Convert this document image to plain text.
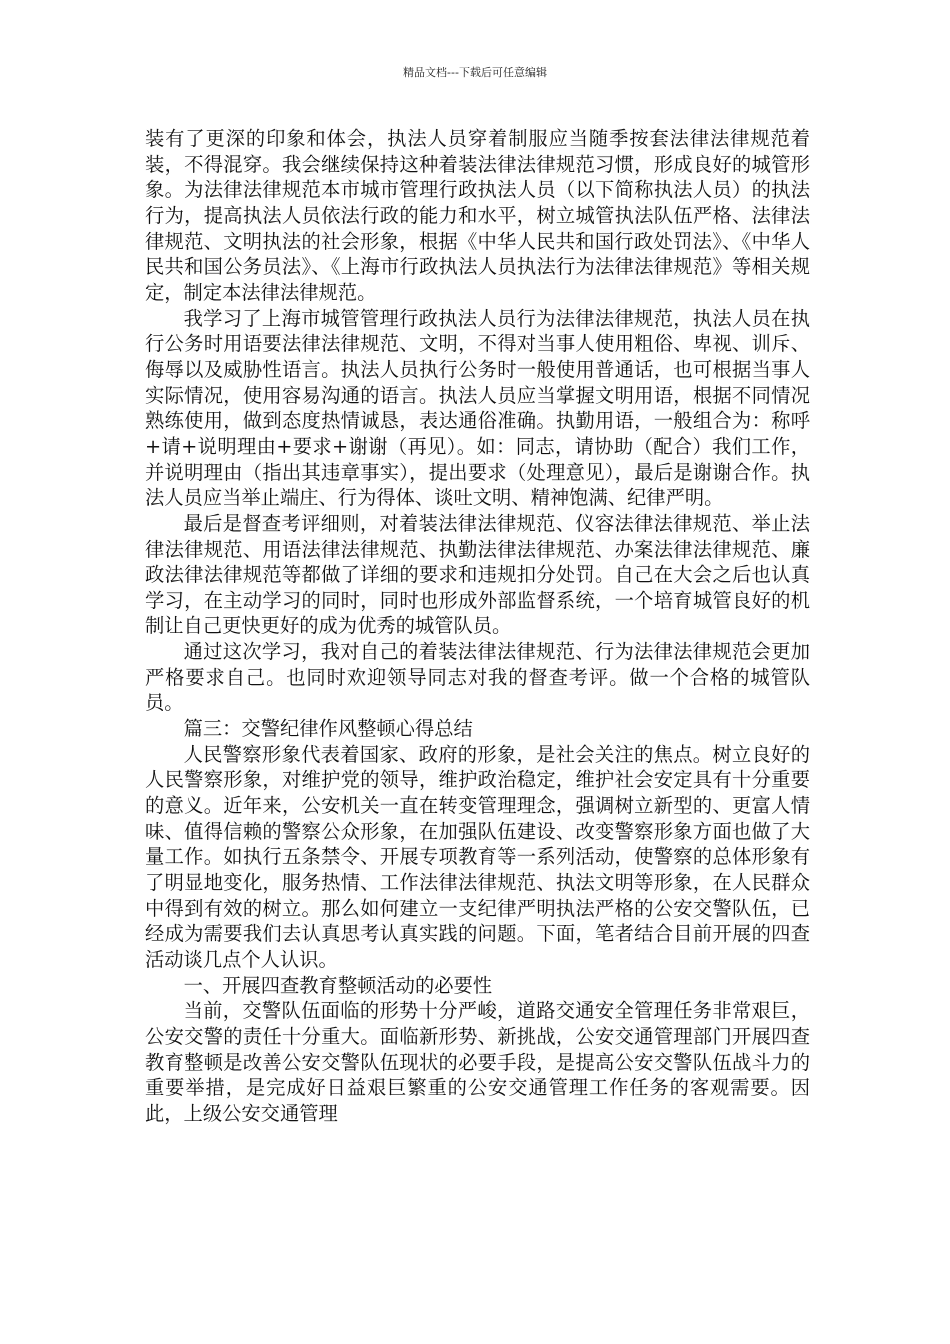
精品文档---下载后可任意编辑

装有了更深的印象和体会，执法人员穿着制服应当随季按套法律法律规范着装，不得混穿。我会继续保持这种着装法律法律规范习惯，形成良好的城管形象。为法律法律规范本市城市管理行政执法人员（以下简称执法人员）的执法行为，提高执法人员依法行政的能力和水平，树立城管执法队伍严格、法律法律规范、文明执法的社会形象，根据《中华人民共和国行政处罚法》、《中华人民共和国公务员法》、《上海市行政执法人员执法行为法律法律规范》等相关规定，制定本法律法律规范。

我学习了上海市城管管理行政执法人员行为法律法律规范，执法人员在执行公务时用语要法律法律规范、文明，不得对当事人使用粗俗、卑视、训斥、侮辱以及威胁性语言。执法人员执行公务时一般使用普通话，也可根据当事人实际情况，使用容易沟通的语言。执法人员应当掌握文明用语，根据不同情况熟练使用，做到态度热情诚恳，表达通俗准确。执勤用语，一般组合为：称呼+请+说明理由+要求+谢谢（再见）。如：同志，请协助（配合）我们工作，并说明理由（指出其违章事实），提出要求（处理意见），最后是谢谢合作。执法人员应当举止端庄、行为得体、谈吐文明、精神饱满、纪律严明。

最后是督查考评细则，对着装法律法律规范、仪容法律法律规范、举止法律法律规范、用语法律法律规范、执勤法律法律规范、办案法律法律规范、廉政法律法律规范等都做了详细的要求和违规扣分处罚。自己在大会之后也认真学习，在主动学习的同时，同时也形成外部监督系统，一个培育城管良好的机制让自己更快更好的成为优秀的城管队员。

通过这次学习，我对自己的着装法律法律规范、行为法律法律规范会更加严格要求自己。也同时欢迎领导同志对我的督查考评。做一个合格的城管队员。

篇三：交警纪律作风整顿心得总结

人民警察形象代表着国家、政府的形象，是社会关注的焦点。树立良好的人民警察形象，对维护党的领导，维护政治稳定，维护社会安定具有十分重要的意义。近年来，公安机关一直在转变管理理念，强调树立新型的、更富人情味、值得信赖的警察公众形象，在加强队伍建设、改变警察形象方面也做了大量工作。如执行五条禁令、开展专项教育等一系列活动，使警察的总体形象有了明显地变化，服务热情、工作法律法律规范、执法文明等形象，在人民群众中得到有效的树立。那么如何建立一支纪律严明执法严格的公安交警队伍，已经成为需要我们去认真思考认真实践的问题。下面，笔者结合目前开展的四查活动谈几点个人认识。

一、开展四查教育整顿活动的必要性

当前，交警队伍面临的形势十分严峻，道路交通安全管理任务非常艰巨，公安交警的责任十分重大。面临新形势、新挑战，公安交通管理部门开展四查教育整顿是改善公安交警队伍现状的必要手段，是提高公安交警队伍战斗力的重要举措，是完成好日益艰巨繁重的公安交通管理工作任务的客观需要。因此，上级公安交通管理
